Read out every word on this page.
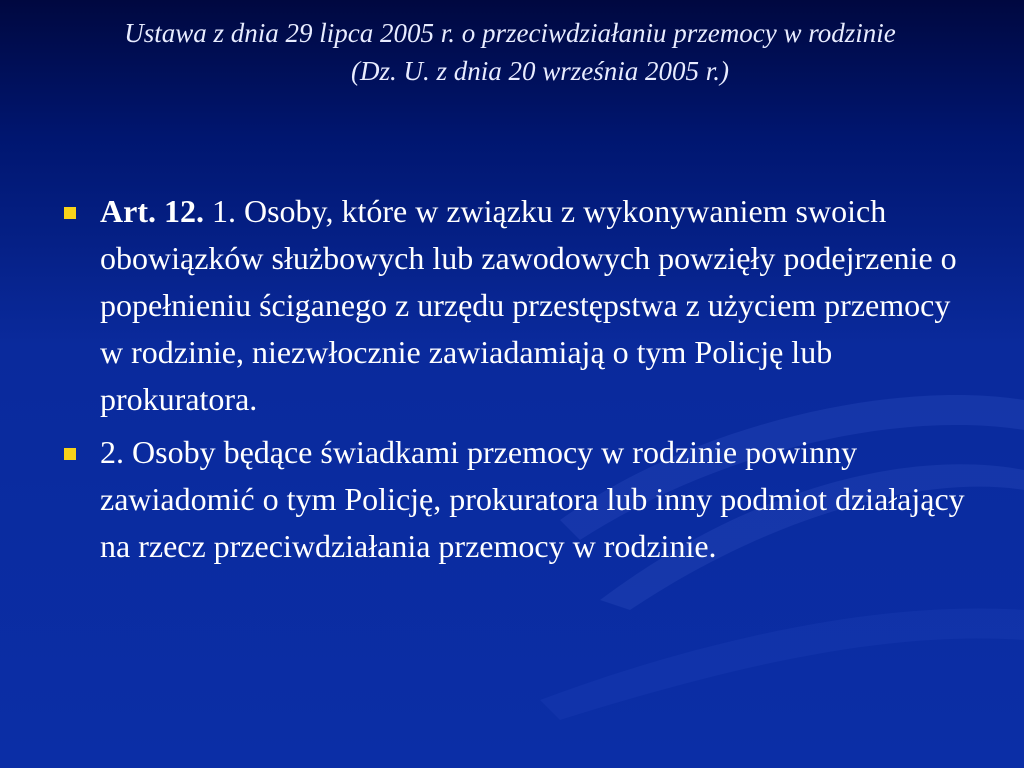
Ustawa z dnia 29 lipca 2005 r. o przeciwdziałaniu przemocy w rodzinie
(Dz. U. z dnia 20 września 2005 r.)
Art. 12. 1. Osoby, które w związku z wykonywaniem swoich obowiązków służbowych lub zawodowych powzięły podejrzenie o popełnieniu ściganego z urzędu przestępstwa z użyciem przemocy w rodzinie, niezwłocznie zawiadamiają o tym Policję lub prokuratora.
2. Osoby będące świadkami przemocy w rodzinie powinny zawiadomić o tym Policję, prokuratora lub inny podmiot działający na rzecz przeciwdziałania przemocy w rodzinie.
